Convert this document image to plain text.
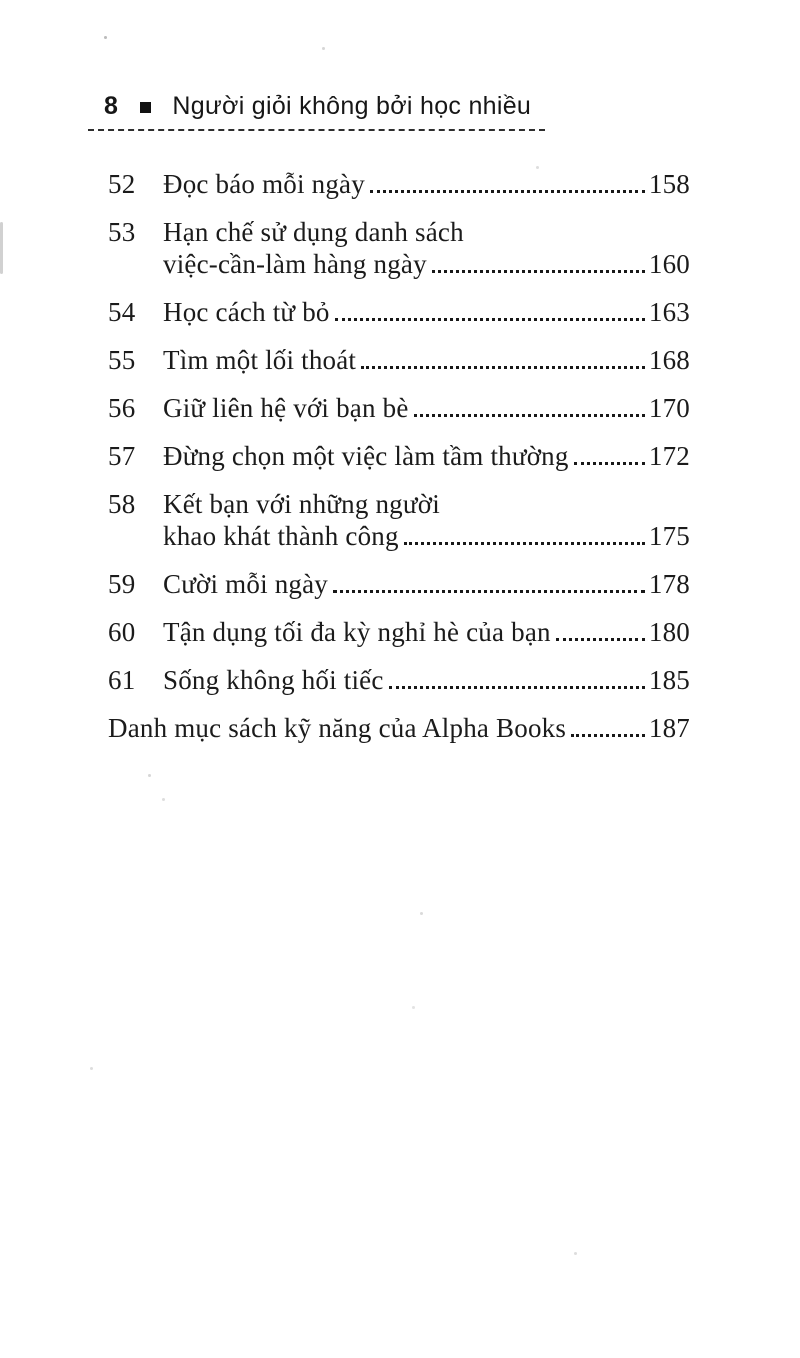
8 Người giỏi không bởi học nhiều
52	Đọc báo mỗi ngày	158
53	Hạn chế sử dụng danh sách
việc-cần-làm hàng ngày	160
54	Học cách từ bỏ	163
55	Tìm một lối thoát	168
56	Giữ liên hệ với bạn bè	170
57	Đừng chọn một việc làm tầm thường	172
58	Kết bạn với những người
khao khát thành công	175
59	Cười mỗi ngày	178
60	Tận dụng tối đa kỳ nghỉ hè của bạn	180
61	Sống không hối tiếc	185
Danh mục sách kỹ năng của Alpha Books	187
